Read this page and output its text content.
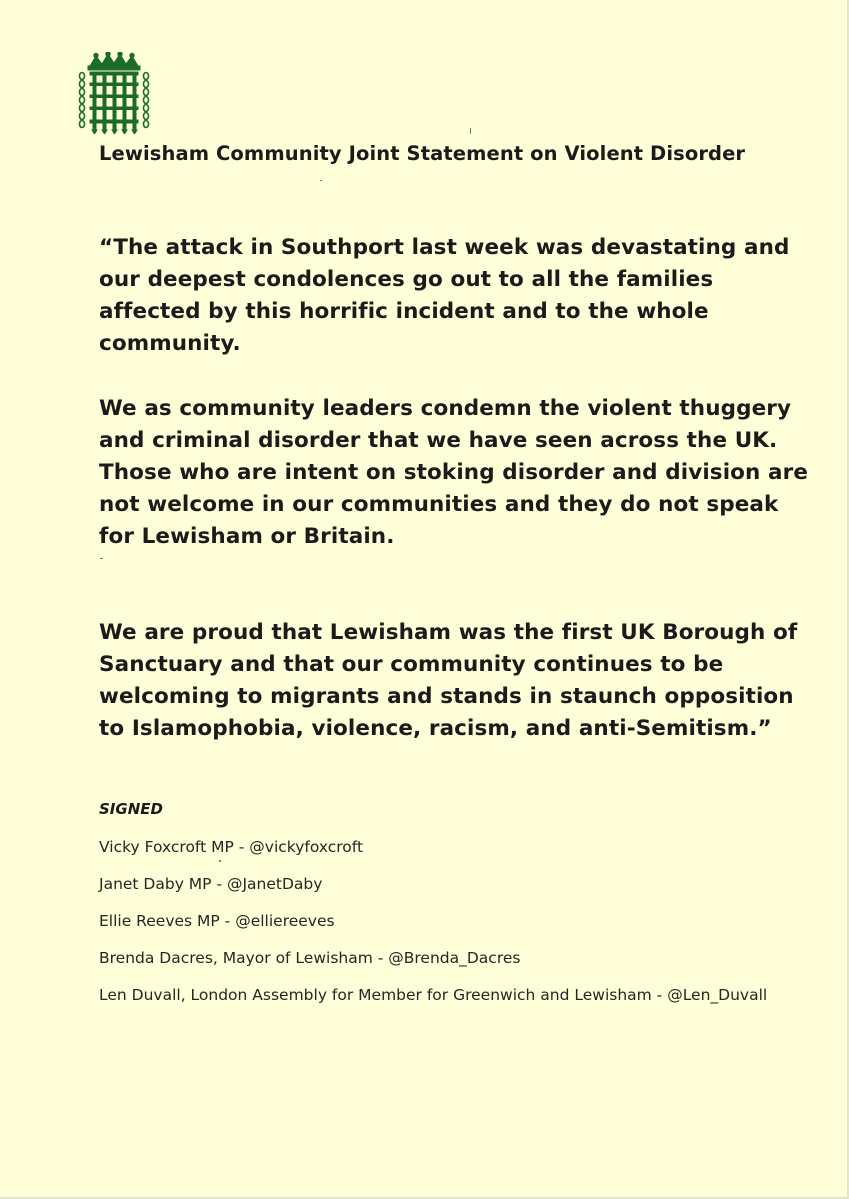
Lewisham Community Joint Statement on Violent Disorder

“The attack in Southport last week was devastating and our deepest condolences go out to all the families affected by this horrific incident and to the whole community.

We as community leaders condemn the violent thuggery and criminal disorder that we have seen across the UK. Those who are intent on stoking disorder and division are not welcome in our communities and they do not speak for Lewisham or Britain.

We are proud that Lewisham was the first UK Borough of Sanctuary and that our community continues to be welcoming to migrants and stands in staunch opposition to Islamophobia, violence, racism, and anti-Semitism.”

SIGNED

Vicky Foxcroft MP - @vickyfoxcroft
Janet Daby MP - @JanetDaby
Ellie Reeves MP - @elliereeves
Brenda Dacres, Mayor of Lewisham - @Brenda_Dacres
Len Duvall, London Assembly for Member for Greenwich and Lewisham - @Len_Duvall
